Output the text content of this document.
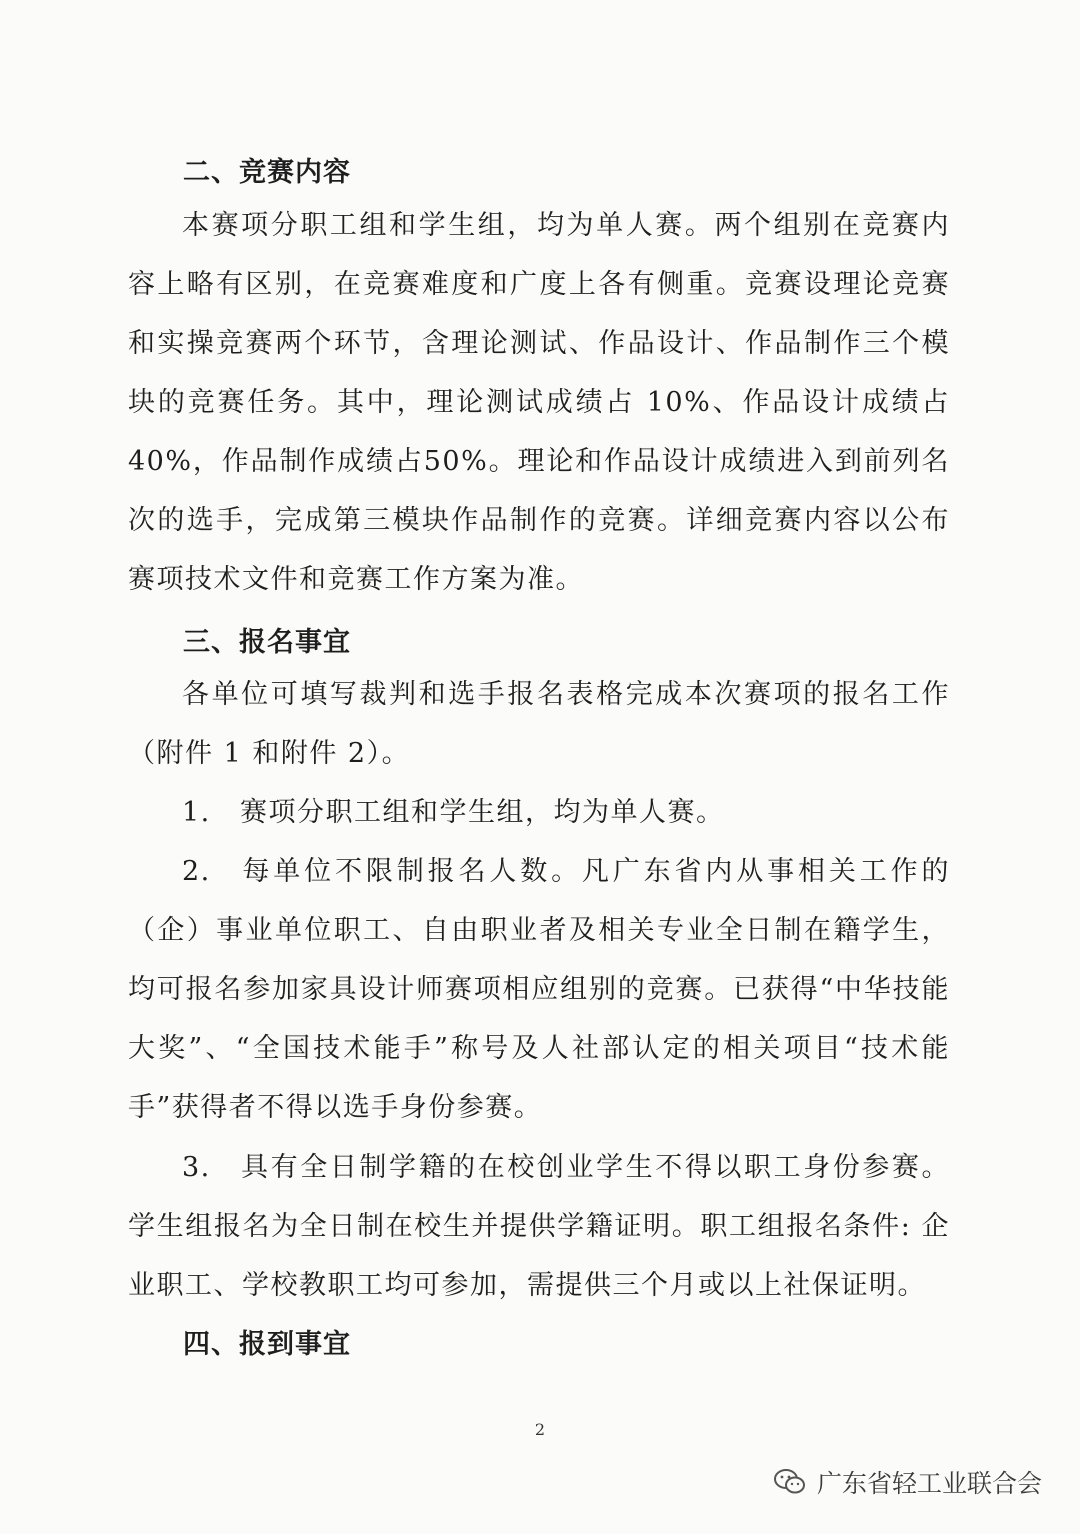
二、竞赛内容
本赛项分职工组和学生组，均为单人赛。两个组别在竞赛内容上略有区别，在竞赛难度和广度上各有侧重。竞赛设理论竞赛和实操竞赛两个环节，含理论测试、作品设计、作品制作三个模块的竞赛任务。其中，理论测试成绩占 10%、作品设计成绩占 40%，作品制作成绩占50%。理论和作品设计成绩进入到前列名次的选手，完成第三模块作品制作的竞赛。详细竞赛内容以公布赛项技术文件和竞赛工作方案为准。
三、报名事宜
各单位可填写裁判和选手报名表格完成本次赛项的报名工作（附件 1 和附件 2）。
1. 赛项分职工组和学生组，均为单人赛。
2. 每单位不限制报名人数。凡广东省内从事相关工作的（企）事业单位职工、自由职业者及相关专业全日制在籍学生，均可报名参加家具设计师赛项相应组别的竞赛。已获得“中华技能大奖”、“全国技术能手”称号及人社部认定的相关项目“技术能手”获得者不得以选手身份参赛。
3. 具有全日制学籍的在校创业学生不得以职工身份参赛。学生组报名为全日制在校生并提供学籍证明。职工组报名条件: 企业职工、学校教职工均可参加，需提供三个月或以上社保证明。
四、报到事宜
2
广东省轻工业联合会
